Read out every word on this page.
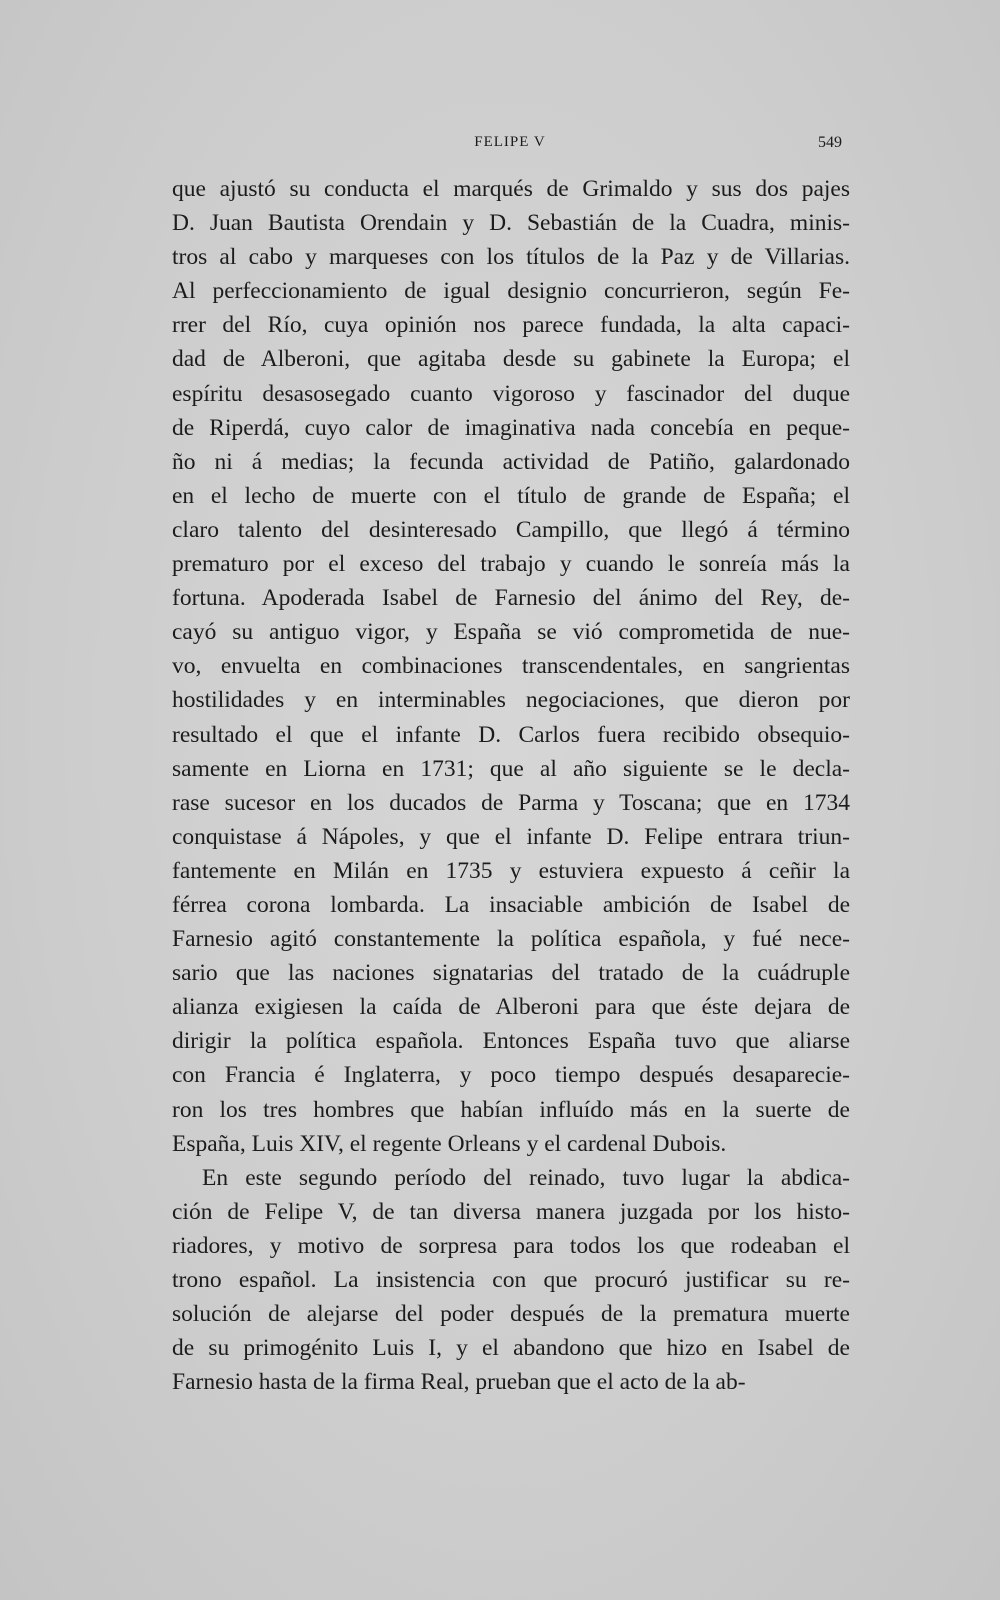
FELIPE V	549
que ajustó su conducta el marqués de Grimaldo y sus dos pajes
D. Juan Bautista Orendain y D. Sebastián de la Cuadra, minis-
tros al cabo y marqueses con los títulos de la Paz y de Villarias.
Al perfeccionamiento de igual designio concurrieron, según Fe-
rrer del Río, cuya opinión nos parece fundada, la alta capaci-
dad de Alberoni, que agitaba desde su gabinete la Europa; el
espíritu desasosegado cuanto vigoroso y fascinador del duque
de Riperdá, cuyo calor de imaginativa nada concebía en peque-
ño ni á medias; la fecunda actividad de Patiño, galardonado
en el lecho de muerte con el título de grande de España; el
claro talento del desinteresado Campillo, que llegó á término
prematuro por el exceso del trabajo y cuando le sonreía más la
fortuna. Apoderada Isabel de Farnesio del ánimo del Rey, de-
cayó su antiguo vigor, y España se vió comprometida de nue-
vo, envuelta en combinaciones transcendentales, en sangrientas
hostilidades y en interminables negociaciones, que dieron por
resultado el que el infante D. Carlos fuera recibido obsequio-
samente en Liorna en 1731; que al año siguiente se le decla-
rase sucesor en los ducados de Parma y Toscana; que en 1734
conquistase á Nápoles, y que el infante D. Felipe entrara triun-
fantemente en Milán en 1735 y estuviera expuesto á ceñir la
férrea corona lombarda. La insaciable ambición de Isabel de
Farnesio agitó constantemente la política española, y fué nece-
sario que las naciones signatarias del tratado de la cuádruple
alianza exigiesen la caída de Alberoni para que éste dejara de
dirigir la política española. Entonces España tuvo que aliarse
con Francia é Inglaterra, y poco tiempo después desaparecie-
ron los tres hombres que habían influído más en la suerte de
España, Luis XIV, el regente Orleans y el cardenal Dubois.
En este segundo período del reinado, tuvo lugar la abdica-
ción de Felipe V, de tan diversa manera juzgada por los histo-
riadores, y motivo de sorpresa para todos los que rodeaban el
trono español. La insistencia con que procuró justificar su re-
solución de alejarse del poder después de la prematura muerte
de su primogénito Luis I, y el abandono que hizo en Isabel de
Farnesio hasta de la firma Real, prueban que el acto de la ab-
